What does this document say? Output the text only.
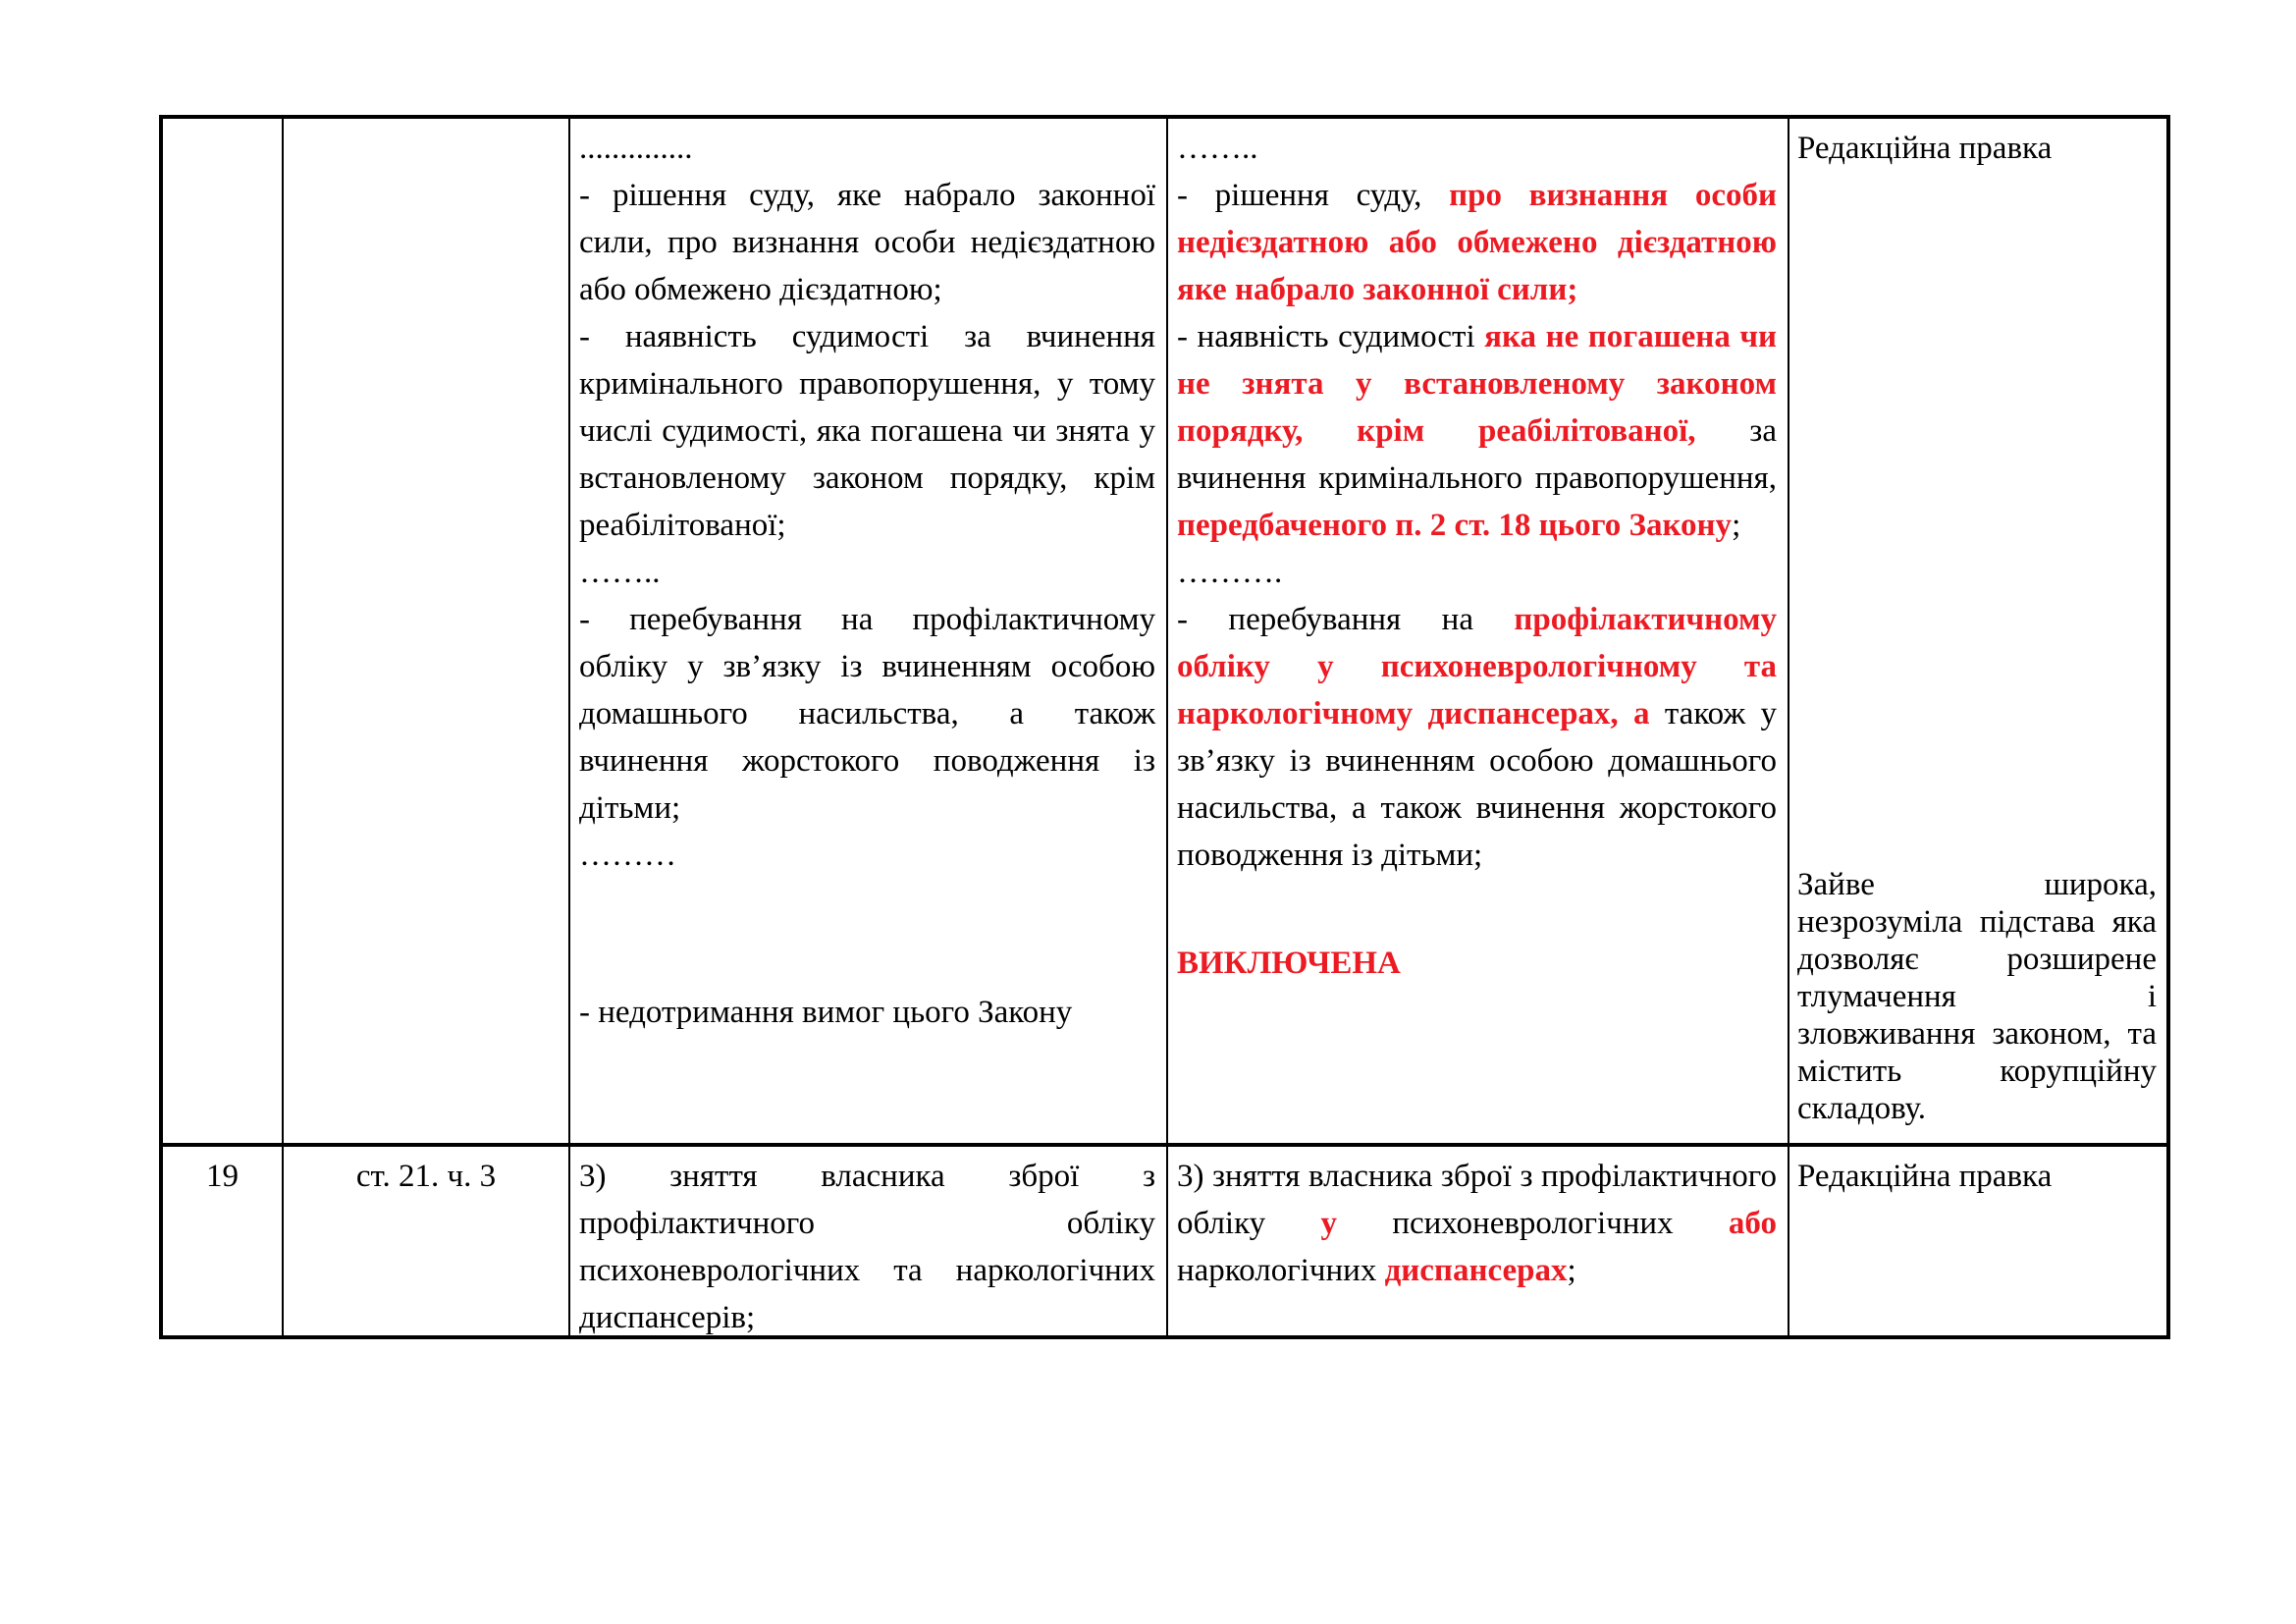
..............

- рішення суду, яке набрало законної сили, про визнання особи недієздатною або обмежено дієздатною;

- наявність судимості за вчинення кримінального правопорушення, у тому числі судимості, яка погашена чи знята у встановленому законом порядку, крім реабілітованої;

……..

- перебування на профілактичному обліку у зв’язку із вчиненням особою домашнього насильства, а також вчинення жорстокого поводження із дітьми;

………

- недотримання вимог цього Закону

……..

- рішення суду, про визнання особи недієздатною або обмежено дієздатною яке набрало законної сили;

- наявність судимості яка не погашена чи не знята у встановленому законом порядку, крім реабілітованої, за вчинення кримінального правопорушення, передбаченого п. 2 ст. 18 цього Закону;

……….

- перебування на профілактичному обліку у психоневрологічному та наркологічному диспансерах, а також у зв’язку із вчиненням особою домашнього насильства, а також вчинення жорстокого поводження із дітьми;

ВИКЛЮЧЕНА

Редакційна правка

Зайве широка, незрозуміла підстава яка дозволяє розширене тлумачення і зловживання законом, та містить корупційну складову.

19	ст. 21. ч. 3	3) зняття власника зброї з профілактичного обліку психоневрологічних та наркологічних диспансерів;

3) зняття власника зброї з профілактичного обліку у психоневрологічних або наркологічних диспансерах;

Редакційна правка
